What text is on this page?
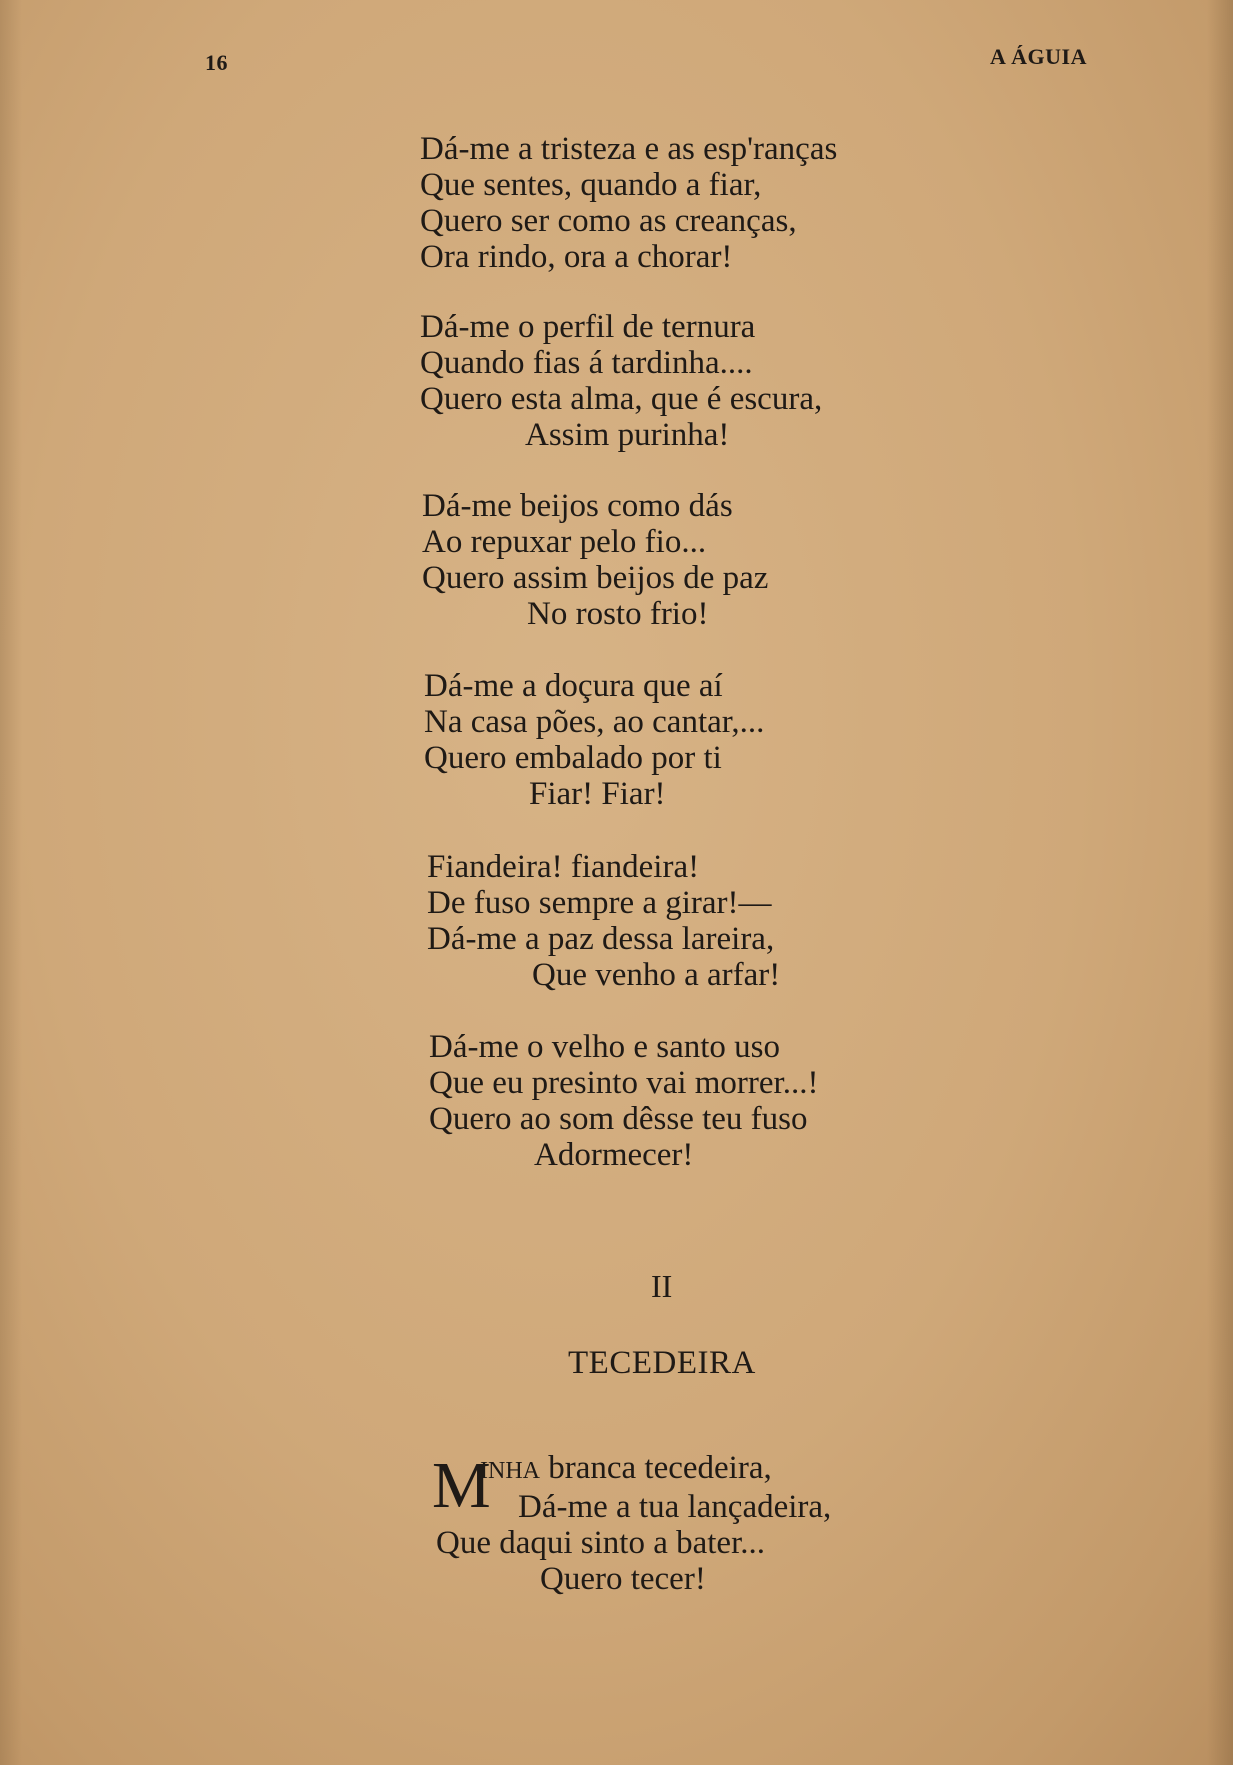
16	A ÁGUIA
Dá-me a tristeza e as esp'ranças
Que sentes, quando a fiar,
Quero ser como as creanças,
Ora rindo, ora a chorar!
Dá-me o perfil de ternura
Quando fias á tardinha....
Quero esta alma, que é escura,
Assim purinha!
Dá-me beijos como dás
Ao repuxar pelo fio...
Quero assim beijos de paz
No rosto frio!
Dá-me a doçura que aí
Na casa pões, ao cantar,...
Quero embalado por ti
Fiar! Fiar!
Fiandeira! fiandeira!
De fuso sempre a girar!—
Dá-me a paz dessa lareira,
Que venho a arfar!
Dá-me o velho e santo uso
Que eu presinto vai morrer...!
Quero ao som dêsse teu fuso
Adormecer!
II
TECEDEIRA
M
INHA branca tecedeira,
Dá-me a tua lançadeira,
Que daqui sinto a bater...
Quero tecer!
